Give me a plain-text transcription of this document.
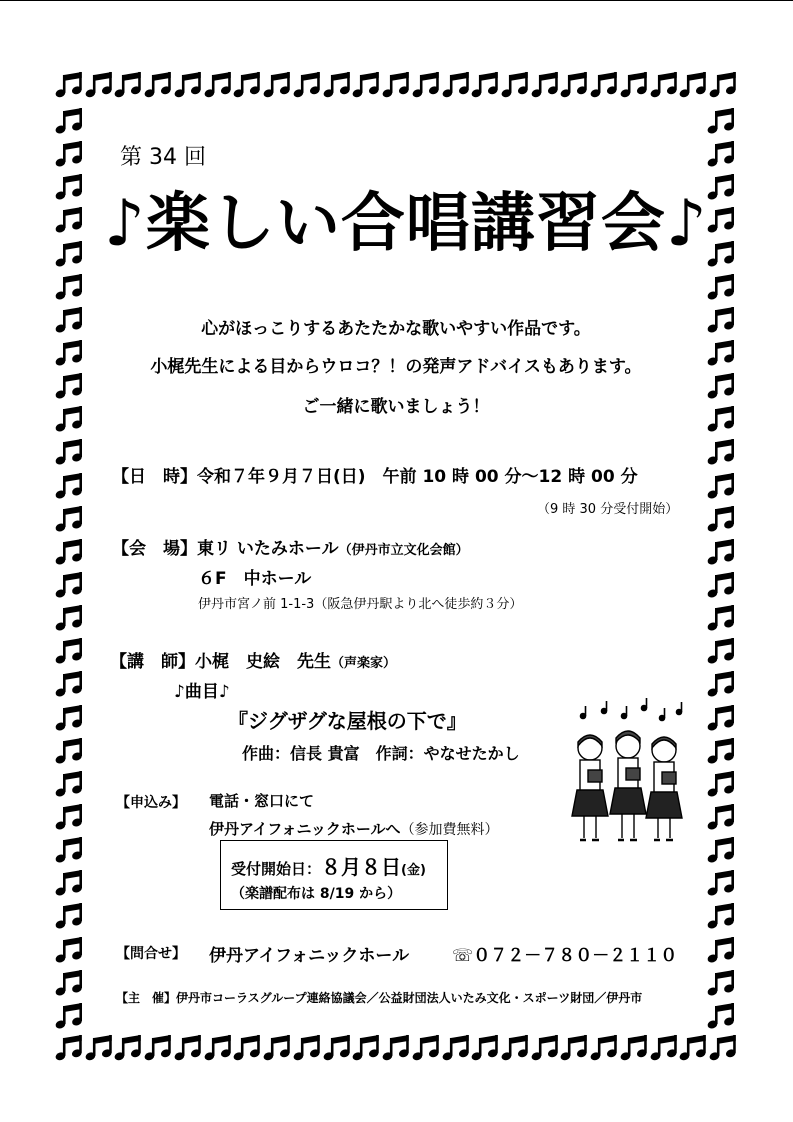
第 34 回
♪楽しい合唱講習会♪
心がほっこりするあたたかな歌いやすい作品です。
小梶先生による目からウロコ？！の発声アドバイスもあります。
ご一緒に歌いましょう！
【日　時】令和７年９月７日(日)　午前 10 時 00 分～12 時 00 分
（9 時 30 分受付開始）
【会　場】東リ いたみホール（伊丹市立文化会館）
６F　中ホール
伊丹市宮ノ前 1-1-3（阪急伊丹駅より北へ徒歩約３分）
【講　師】小梶　史絵　先生（声楽家）
♪曲目♪
『ジグザグな屋根の下で』
作曲：信長 貴富　作詞：やなせたかし
【申込み】 電話・窓口にて
伊丹アイフォニックホールへ（参加費無料）
受付開始日：８月８日(金)
（楽譜配布は 8/19 から）
【問合せ】 伊丹アイフォニックホール	☏０７２－７８０－２１１０
【主　催】伊丹市コーラスグループ連絡協議会／公益財団法人いたみ文化・スポーツ財団／伊丹市
